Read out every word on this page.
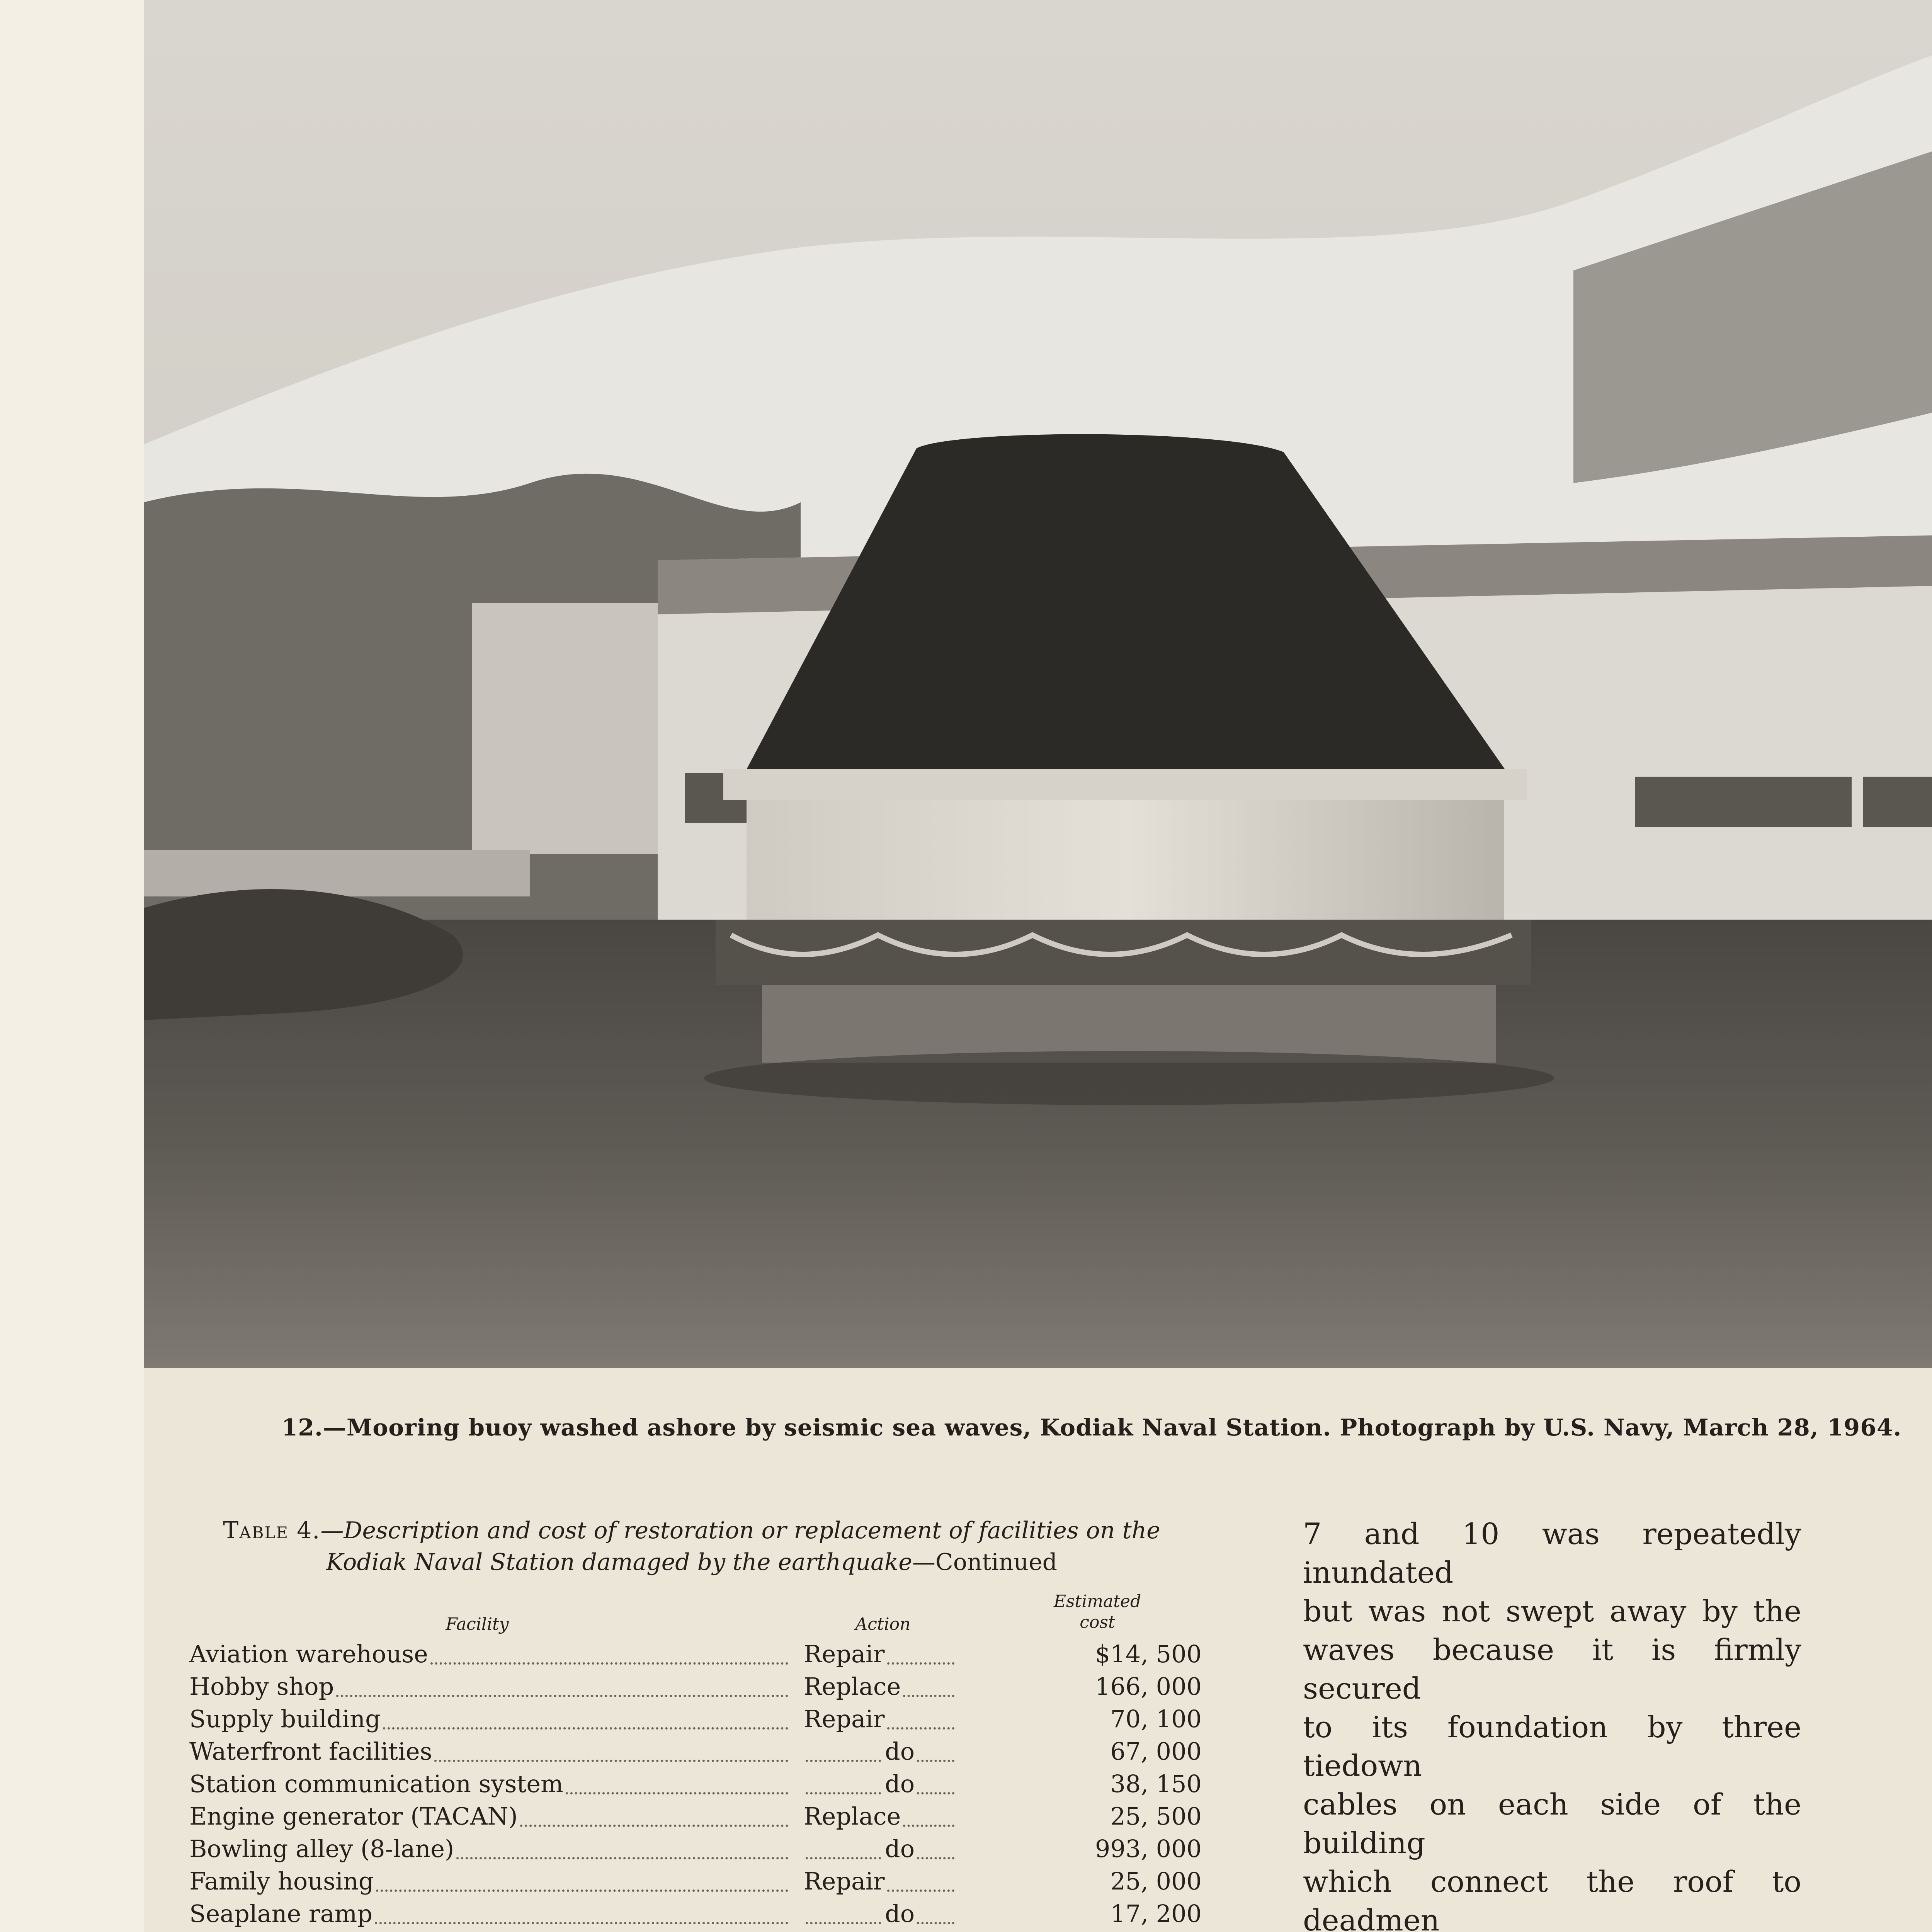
12.—Mooring buoy washed ashore by seismic sea waves, Kodiak Naval Station. Photograph by U.S. Navy, March 28, 1964.
Table 4.—Description and cost of restoration or replacement of facilities on the
Kodiak Naval Station damaged by the earthquake—Continued
Facility	Action
Estimated
cost
Aviation warehouse	Repair	$14, 500
Hobby shop	Replace	166, 000
Supply building	Repair	70, 100
Waterfront facilities	do	67, 000
Station communication system	do	38, 150
Engine generator (TACAN)	Replace	25, 500
Bowling alley (8-lane)	do	993, 000
Family housing	Repair	25, 000
Seaplane ramp	do	17, 200
7 and 10 was repeatedly inundated
but was not swept away by the
waves because it is firmly secured
to its foundation by three tiedown
cables on each side of the building
which connect the roof to deadmen
